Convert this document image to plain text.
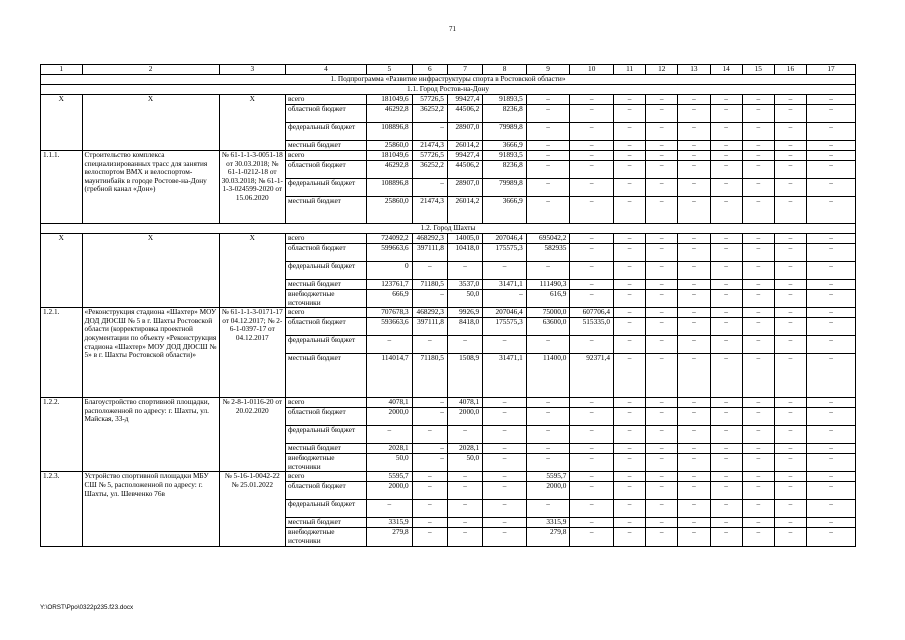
71
1	2	3	4	5	6	7	8	9	10	11	12	13	14	15	16	17
1. Подпрограмма «Развитие инфраструктуры спорта в Ростовской области»																
1.1. Город Ростов-на-Дону																
Х	Х	Х	всего	181049,6	57726,5	99427,4	91893,5	–	–	–	–	–	–	–	–	–
			областной бюджет	46292,8	36252,2	44506,2	8236,8	–	–	–	–	–	–	–	–	–
			федеральный бюджет	108896,8	–	28907,0	79989,8	–	–	–	–	–	–	–	–	–
			местный бюджет	25860,0	21474,3	26014,2	3666,9	–	–	–	–	–	–	–	–	–
1.1.1.	Строительство комплекса специализированных трасс для занятия велоспортом BMX и велоспортом-маунтинбайк в городе Ростове-на-Дону (гребной канал «Дон»)	№ 61-1-1-3-0051-18 от 30.03.2018; № 61-1-0212-18 от 30.03.2018; № 61-1-1-3-024599-2020 от 15.06.2020	всего	181049,6	57726,5	99427,4	91893,5	–	–	–	–	–	–	–	–	–
			областной бюджет	46292,8	36252,2	44506,2	8236,8	–	–	–	–	–	–	–	–	–
			федеральный бюджет	108896,8	–	28907,0	79989,8	–	–	–	–	–	–	–	–	–
			местный бюджет	25860,0	21474,3	26014,2	3666,9	–	–	–	–	–	–	–	–	–
1.2. Город Шахты																
Х	Х	Х	всего	724092,2	468292,3	14005,0	207046,4	695042,2	–	–	–	–	–	–	–	–
			областной бюджет	599663,6	397111,8	10418,0	175575,3	582935	–	–	–	–	–	–	–	–
			федеральный бюджет	0	–	–	–	–	–	–	–	–	–	–	–	–
			местный бюджет	123761,7	71180,5	3537,0	31471,1	111490,3	–	–	–	–	–	–	–	–
			внебюджетные источники	666,9	–	50,0	–	616,9	–	–	–	–	–	–	–	–
1.2.1.	«Реконструкция стадиона «Шахтер» МОУ ДОД ДЮСШ № 5 в г. Шахты Ростовской области (корректировка проектной документации по объекту «Реконструкция стадиона «Шахтер» МОУ ДОД ДЮСШ № 5» в г. Шахты Ростовской области)»	№ 61-1-1-3-0171-17 от 04.12.2017; № 2-6-1-0397-17 от 04.12.2017	всего	707678,3	468292,3	9926,9	207046,4	75000,0	607706,4	–	–	–	–	–	–	–
			областной бюджет	593663,6	397111,8	8418,0	175575,3	63600,0	515335,0	–	–	–	–	–	–	–
			федеральный бюджет	–	–	–	–	–	–	–	–	–	–	–	–	–
			местный бюджет	114014,7	71180,5	1508,9	31471,1	11400,0	92371,4	–	–	–	–	–	–	–
1.2.2.	Благоустройство спортивной площадки, расположенной по адресу: г. Шахты, ул. Майская, 33-д	№ 2-8-1-0116-20 от 20.02.2020	всего	4078,1	–	4078,1	–	–	–	–	–	–	–	–	–	–
			областной бюджет	2000,0	–	2000,0	–	–	–	–	–	–	–	–	–	–
			федеральный бюджет	–	–	–	–	–	–	–	–	–	–	–	–	–
			местный бюджет	2028,1	–	2028,1	–	–	–	–	–	–	–	–	–	–
			внебюджетные источники	50,0	–	50,0	–	–	–	–	–	–	–	–	–	–
1.2.3.	Устройство спортивной площадки МБУ СШ № 5, расположенной по адресу: г. Шахты, ул. Шевченко 76в	№ 5-16-1-0042-22 № 25.01.2022	всего	5595,7	–	–	–	5595,7	–	–	–	–	–	–	–	–
			областной бюджет	2000,0	–	–	–	2000,0	–	–	–	–	–	–	–	–
			федеральный бюджет	–	–	–	–	–	–	–	–	–	–	–	–	–
			местный бюджет	3315,9	–	–	–	3315,9	–	–	–	–	–	–	–	–
			внебюджетные источники	279,8	–	–	–	279,8	–	–	–	–	–	–	–	–
Y:\ORST\Ppo\0322p235.f23.docx
